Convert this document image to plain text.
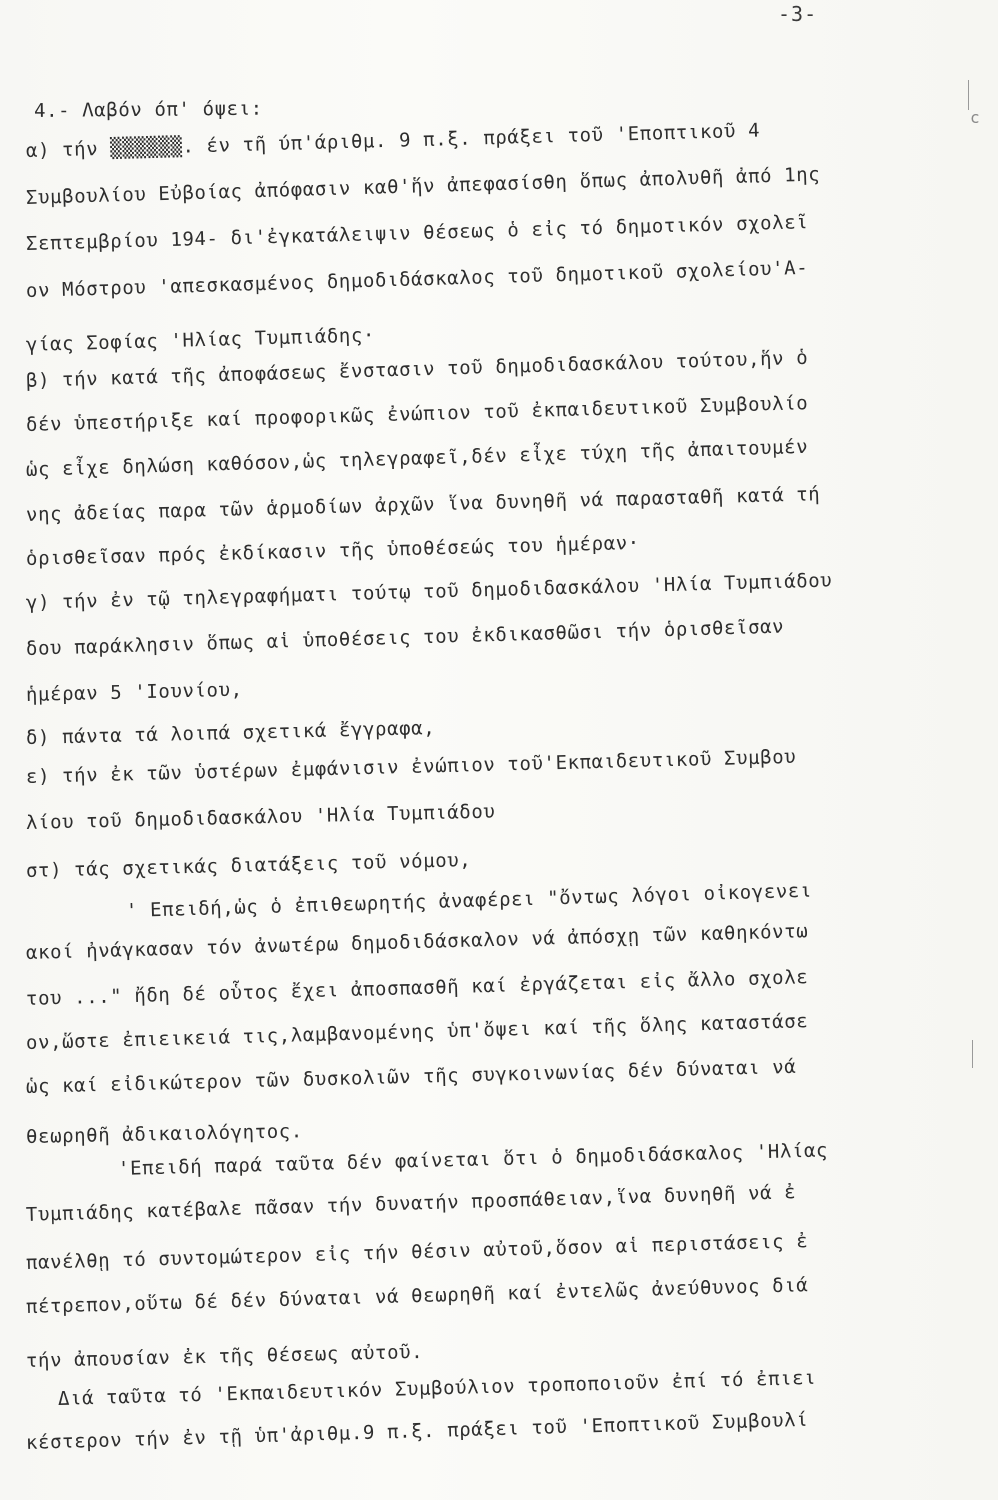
-3-
c
4.- Λαβόν όπ' όψει:
α) τήν ▒▒▒▒▒▒. έν τῆ ύπ'άριθμ. 9 π.ξ. πράξει τοῦ 'Εποπτικοῦ 4
Συμβουλίου Εὐβοίας ἀπόφασιν καθ'ἥν ἀπεφασίσθη ὅπως ἀπολυθῆ ἀπό 1ης
Σεπτεμβρίου 194- δι'ἐγκατάλειψιν θέσεως ὁ εἰς τό δημοτικόν σχολεῖ
ον Μόστρου 'απεσκασμένος δημοδιδάσκαλος τοῦ δημοτικοῦ σχολείου'Α-
γίας Σοφίας 'Ηλίας Τυμπιάδης·
β) τήν κατά τῆς ἀποφάσεως ἔνστασιν τοῦ δημοδιδασκάλου τούτου,ἥν ὁ
δέν ὑπεστήριξε καί προφορικῶς ἐνώπιον τοῦ ἐκπαιδευτικοῦ Συμβουλίο
ὡς εἶχε δηλώση καθόσον,ὡς τηλεγραφεῖ,δέν εἶχε τύχη τῆς ἀπαιτουμέν
νης ἀδείας παρα τῶν ἁρμοδίων ἀρχῶν ἵνα δυνηθῆ νά παρασταθῆ κατά τή
ὁρισθεῖσαν πρός ἐκδίκασιν τῆς ὑποθέσεώς του ἡμέραν·
γ) τήν ἐν τῷ τηλεγραφήματι τούτῳ τοῦ δημοδιδασκάλου 'Ηλία Τυμπιάδου
δου παράκλησιν ὅπως αἱ ὑποθέσεις του ἐκδικασθῶσι τήν ὁρισθεῖσαν
ἡμέραν 5 'Ιουνίου,
δ) πάντα τά λοιπά σχετικά ἔγγραφα,
ε) τήν ἐκ τῶν ὑστέρων ἐμφάνισιν ἐνώπιον τοῦ'Εκπαιδευτικοῦ Συμβου
λίου τοῦ δημοδιδασκάλου 'Ηλία Τυμπιάδου
στ) τάς σχετικάς διατάξεις τοῦ νόμου,
' Επειδή,ὡς ὁ ἐπιθεωρητής ἀναφέρει "ὄντως λόγοι οἰκογενει
ακοί ἠνάγκασαν τόν ἀνωτέρω δημοδιδάσκαλον νά ἀπόσχῃ τῶν καθηκόντω
του ..." ἤδη δέ οὗτος ἔχει ἀποσπασθῆ καί ἐργάζεται εἰς ἄλλο σχολε
ον,ὥστε ἐπιεικειά τις,λαμβανομένης ὑπ'ὄψει καί τῆς ὅλης καταστάσε
ὡς καί εἰδικώτερον τῶν δυσκολιῶν τῆς συγκοινωνίας δέν δύναται νά
θεωρηθῆ ἀδικαιολόγητος.
'Επειδή παρά ταῦτα δέν φαίνεται ὅτι ὁ δημοδιδάσκαλος 'Ηλίας
Τυμπιάδης κατέβαλε πᾶσαν τήν δυνατήν προσπάθειαν,ἵνα δυνηθῆ νά ἐ
πανέλθῃ τό συντομώτερον εἰς τήν θέσιν αὐτοῦ,ὅσον αἱ περιστάσεις ἐ
πέτρεπον,οὕτω δέ δέν δύναται νά θεωρηθῆ καί ἐντελῶς ἀνεύθυνος διά
τήν ἀπουσίαν ἐκ τῆς θέσεως αὐτοῦ.
Διά ταῦτα τό 'Εκπαιδευτικόν Συμβούλιον τροποποιοῦν ἐπί τό ἐπιει
κέστερον τήν ἐν τῇ ὑπ'ἀριθμ.9 π.ξ. πράξει τοῦ 'Εποπτικοῦ Συμβουλί
